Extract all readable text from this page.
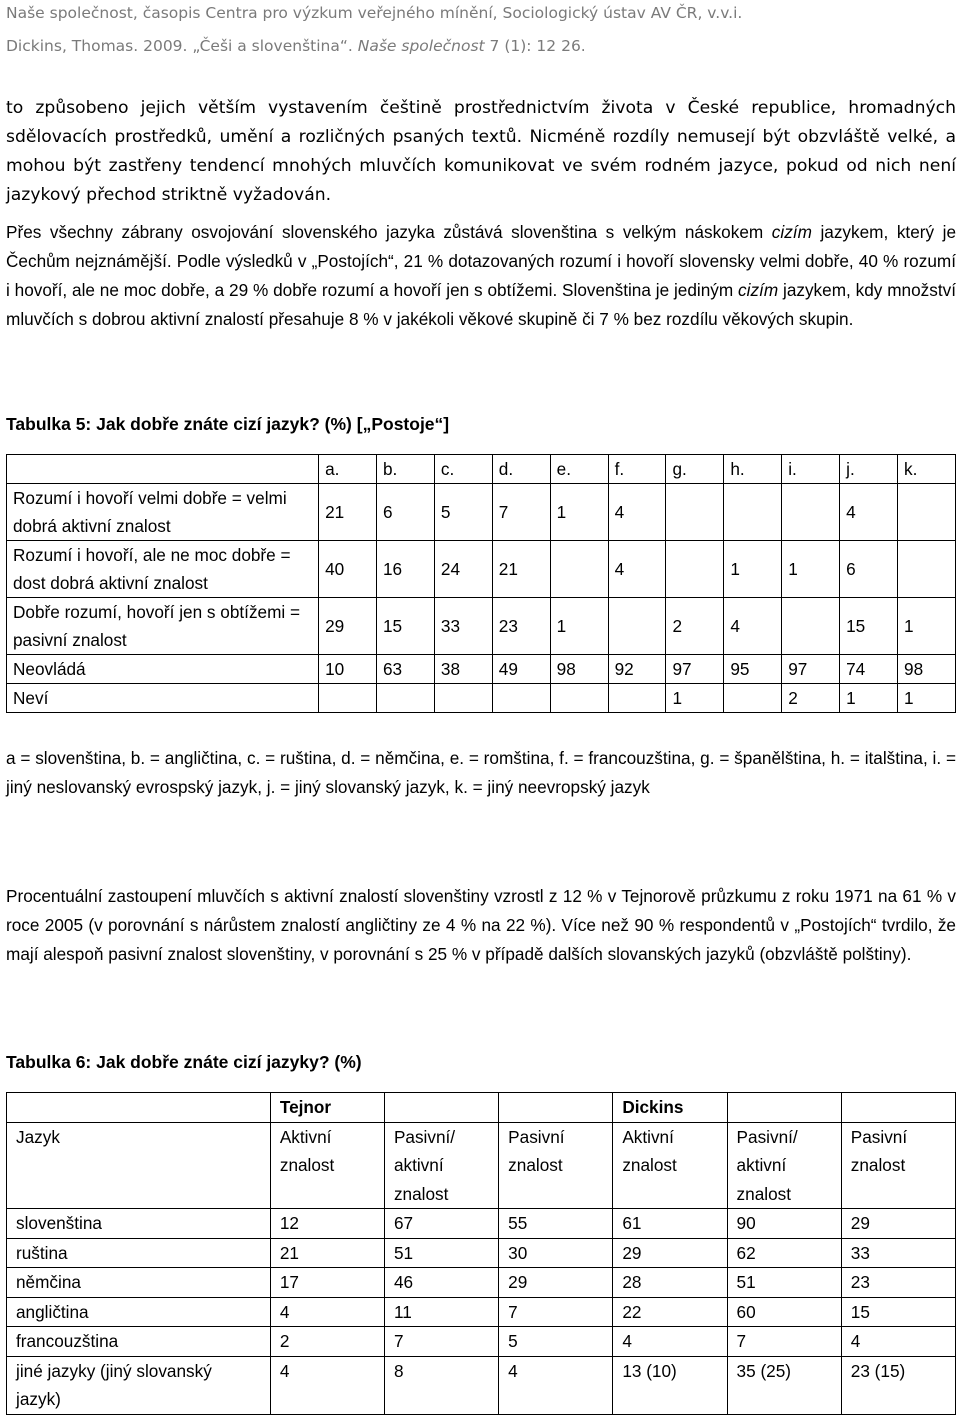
Naše společnost, časopis Centra pro výzkum veřejného mínění, Sociologický ústav AV ČR, v.v.i.
Dickins, Thomas. 2009. „Češi a slovenština“. Naše společnost 7 (1): 12 26.
to způsobeno jejich větším vystavením češtině prostřednictvím života v České republice, hromadných sdělovacích prostředků, umění a rozličných psaných textů. Nicméně rozdíly nemusejí být obzvláště velké, a mohou být zastřeny tendencí mnohých mluvčích komunikovat ve svém rodném jazyce, pokud od nich není jazykový přechod striktně vyžadován.
Přes všechny zábrany osvojování slovenského jazyka zůstává slovenština s velkým náskokem cizím jazykem, který je Čechům nejznámější. Podle výsledků v „Postojích“, 21 % dotazovaných rozumí i hovoří slovensky velmi dobře, 40 % rozumí i hovoří, ale ne moc dobře, a 29 % dobře rozumí a hovoří jen s obtížemi. Slovenština je jediným cizím jazykem, kdy množství mluvčích s dobrou aktivní znalostí přesahuje 8 % v jakékoli věkové skupině či 7 % bez rozdílu věkových skupin.
Tabulka 5: Jak dobře znáte cizí jazyk? (%) [„Postoje“]
	a.	b.	c.	d.	e.	f.	g.	h.	i.	j.	k.
Rozumí i hovoří velmi dobře = velmi dobrá aktivní znalost	21	6	5	7	1	4				4	
Rozumí i hovoří, ale ne moc dobře = dost dobrá aktivní znalost	40	16	24	21		4		1	1	6	
Dobře rozumí, hovoří jen s obtížemi = pasivní znalost	29	15	33	23	1		2	4		15	1
Neovládá	10	63	38	49	98	92	97	95	97	74	98
Neví							1		2	1	1
a = slovenština, b. = angličtina, c. = ruština, d. = němčina, e. = romština, f. = francouzština, g. = španělština, h. = italština, i. = jiný neslovanský evrospský jazyk, j. = jiný slovanský jazyk, k. = jiný neevropský jazyk
Procentuální zastoupení mluvčích s aktivní znalostí slovenštiny vzrostl z 12 % v Tejnorově průzkumu z roku 1971 na 61 % v roce 2005 (v porovnání s nárůstem znalostí angličtiny ze 4 % na 22 %). Více než 90 % respondentů v „Postojích“ tvrdilo, že mají alespoň pasivní znalost slovenštiny, v porovnání s 25 % v případě dalších slovanských jazyků (obzvláště polštiny).
Tabulka 6: Jak dobře znáte cizí jazyky? (%)
	Tejnor			Dickins		
Jazyk	Aktivní znalost	Pasivní/ aktivní znalost	Pasivní znalost	Aktivní znalost	Pasivní/ aktivní znalost	Pasivní znalost
slovenština	12	67	55	61	90	29
ruština	21	51	30	29	62	33
němčina	17	46	29	28	51	23
angličtina	4	11	7	22	60	15
francouzština	2	7	5	4	7	4
jiné jazyky (jiný slovanský jazyk)	4	8	4	13 (10)	35 (25)	23 (15)
